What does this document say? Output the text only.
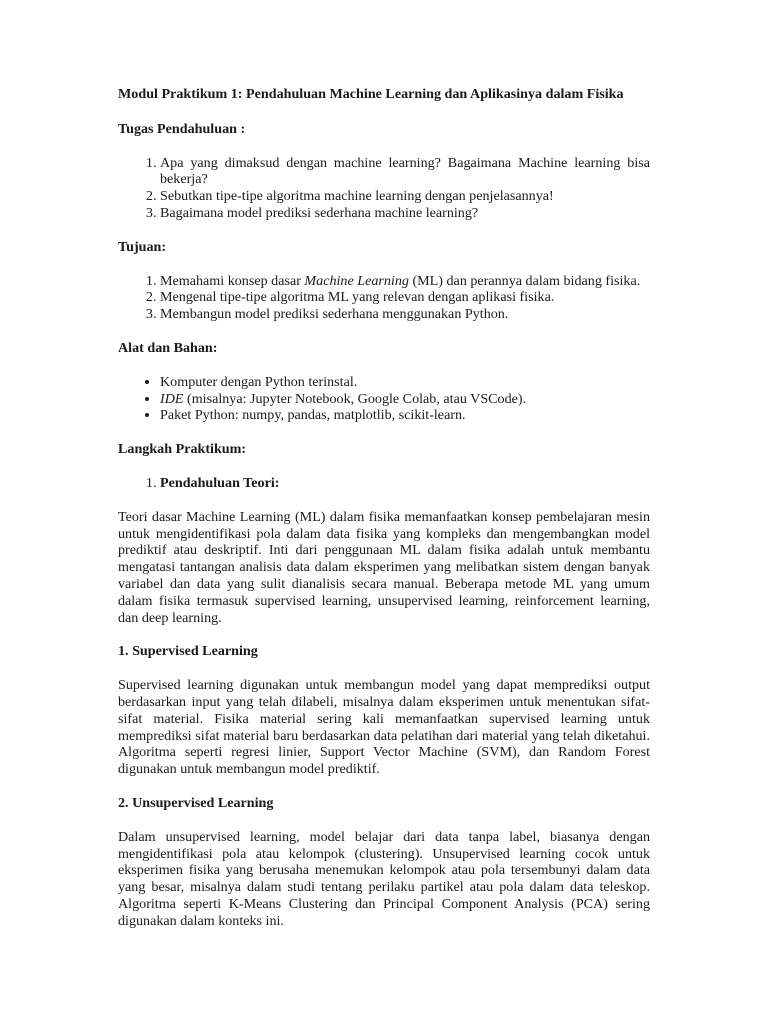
Modul Praktikum 1: Pendahuluan Machine Learning dan Aplikasinya dalam Fisika
Tugas Pendahuluan :
1. Apa yang dimaksud dengan machine learning? Bagaimana Machine learning bisa bekerja?
2. Sebutkan tipe-tipe algoritma machine learning dengan penjelasannya!
3. Bagaimana model prediksi sederhana machine learning?
Tujuan:
1. Memahami konsep dasar Machine Learning (ML) dan perannya dalam bidang fisika.
2. Mengenal tipe-tipe algoritma ML yang relevan dengan aplikasi fisika.
3. Membangun model prediksi sederhana menggunakan Python.
Alat dan Bahan:
• Komputer dengan Python terinstal.
• IDE (misalnya: Jupyter Notebook, Google Colab, atau VSCode).
• Paket Python: numpy, pandas, matplotlib, scikit-learn.
Langkah Praktikum:
1. Pendahuluan Teori:

Teori dasar Machine Learning (ML) dalam fisika memanfaatkan konsep pembelajaran mesin untuk mengidentifikasi pola dalam data fisika yang kompleks dan mengembangkan model prediktif atau deskriptif. Inti dari penggunaan ML dalam fisika adalah untuk membantu mengatasi tantangan analisis data dalam eksperimen yang melibatkan sistem dengan banyak variabel dan data yang sulit dianalisis secara manual. Beberapa metode ML yang umum dalam fisika termasuk supervised learning, unsupervised learning, reinforcement learning, dan deep learning.

1. Supervised Learning

Supervised learning digunakan untuk membangun model yang dapat memprediksi output berdasarkan input yang telah dilabeli, misalnya dalam eksperimen untuk menentukan sifat-sifat material. Fisika material sering kali memanfaatkan supervised learning untuk memprediksi sifat material baru berdasarkan data pelatihan dari material yang telah diketahui. Algoritma seperti regresi linier, Support Vector Machine (SVM), dan Random Forest digunakan untuk membangun model prediktif.

2. Unsupervised Learning

Dalam unsupervised learning, model belajar dari data tanpa label, biasanya dengan mengidentifikasi pola atau kelompok (clustering). Unsupervised learning cocok untuk eksperimen fisika yang berusaha menemukan kelompok atau pola tersembunyi dalam data yang besar, misalnya dalam studi tentang perilaku partikel atau pola dalam data teleskop. Algoritma seperti K-Means Clustering dan Principal Component Analysis (PCA) sering digunakan dalam konteks ini.
